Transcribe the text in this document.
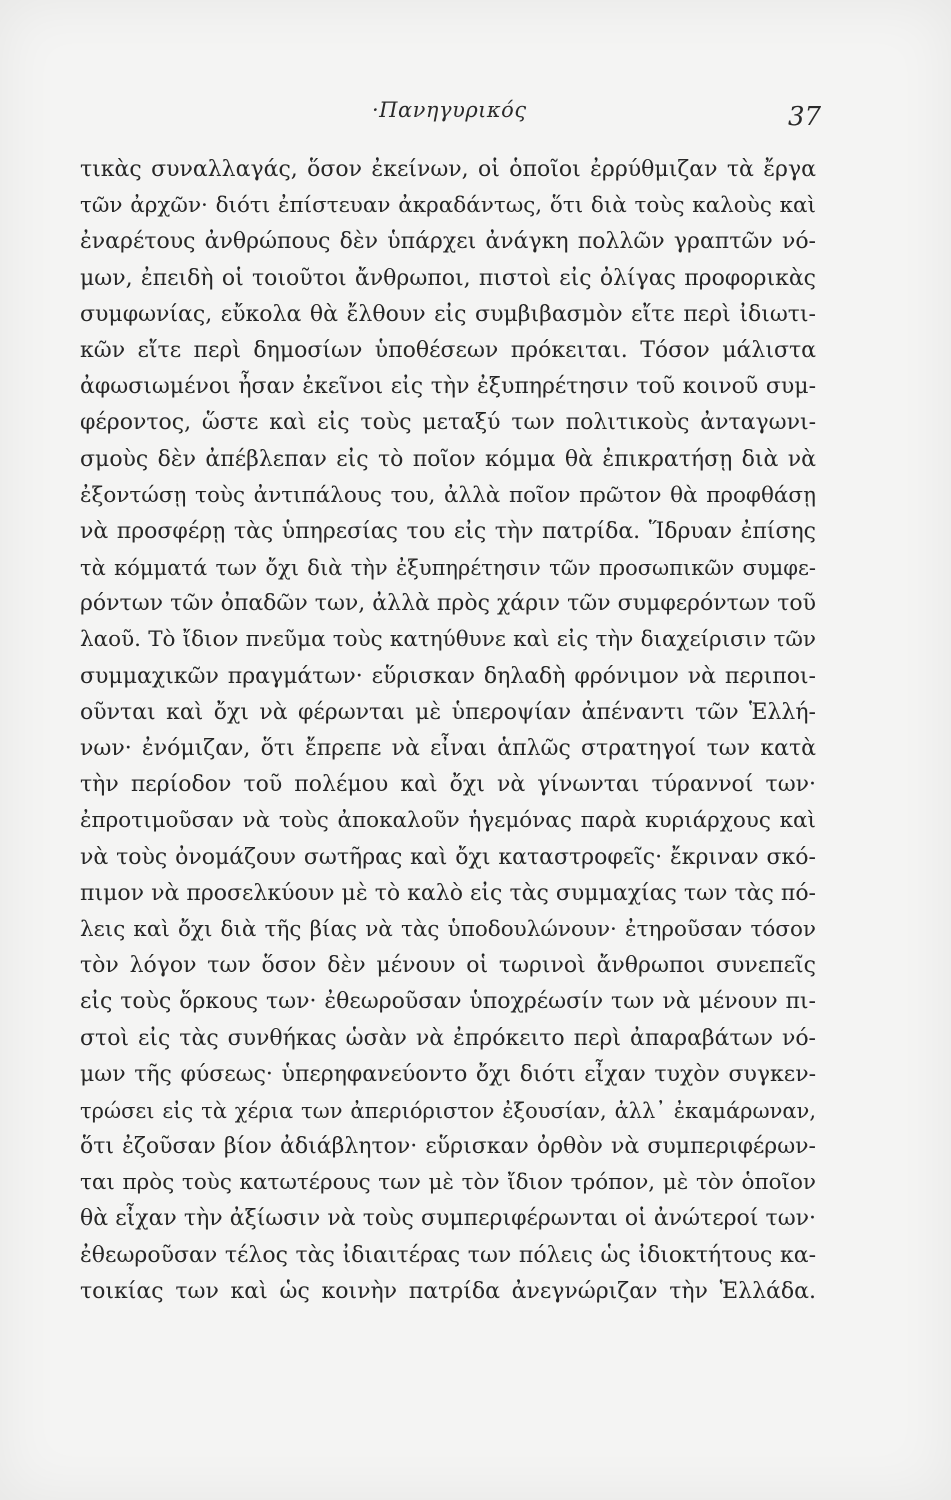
·Πανηγυρικός	37
τικὰς συναλλαγάς, ὅσον ἐκείνων, οἱ ὁποῖοι ἐρρύθμιζαν τὰ ἔργα
τῶν ἀρχῶν· διότι ἐπίστευαν ἀκραδάντως, ὅτι διὰ τοὺς καλοὺς καὶ
ἐναρέτους ἀνθρώπους δὲν ὑπάρχει ἀνάγκη πολλῶν γραπτῶν νό-
μων, ἐπειδὴ οἱ τοιοῦτοι ἄνθρωποι, πιστοὶ εἰς ὀλίγας προφορικὰς
συμφωνίας, εὔκολα θὰ ἔλθουν εἰς συμβιβασμὸν εἴτε περὶ ἰδιωτι-
κῶν εἴτε περὶ δημοσίων ὑποθέσεων πρόκειται. Τόσον μάλιστα
ἀφωσιωμένοι ἦσαν ἐκεῖνοι εἰς τὴν ἐξυπηρέτησιν τοῦ κοινοῦ συμ-
φέροντος, ὥστε καὶ εἰς τοὺς μεταξύ των πολιτικοὺς ἀνταγωνι-
σμοὺς δὲν ἀπέβλεπαν εἰς τὸ ποῖον κόμμα θὰ ἐπικρατήσῃ διὰ νὰ
ἐξοντώσῃ τοὺς ἀντιπάλους του, ἀλλὰ ποῖον πρῶτον θὰ προφθάσῃ
νὰ προσφέρῃ τὰς ὑπηρεσίας του εἰς τὴν πατρίδα. Ἵδρυαν ἐπίσης
τὰ κόμματά των ὄχι διὰ τὴν ἐξυπηρέτησιν τῶν προσωπικῶν συμφε-
ρόντων τῶν ὀπαδῶν των, ἀλλὰ πρὸς χάριν τῶν συμφερόντων τοῦ
λαοῦ. Τὸ ἴδιον πνεῦμα τοὺς κατηύθυνε καὶ εἰς τὴν διαχείρισιν τῶν
συμμαχικῶν πραγμάτων· εὕρισκαν δηλαδὴ φρόνιμον νὰ περιποι-
οῦνται καὶ ὄχι νὰ φέρωνται μὲ ὑπεροψίαν ἀπέναντι τῶν Ἑλλή-
νων· ἐνόμιζαν, ὅτι ἔπρεπε νὰ εἶναι ἁπλῶς στρατηγοί των κατὰ
τὴν περίοδον τοῦ πολέμου καὶ ὄχι νὰ γίνωνται τύραννοί των·
ἐπροτιμοῦσαν νὰ τοὺς ἀποκαλοῦν ἡγεμόνας παρὰ κυριάρχους καὶ
νὰ τοὺς ὀνομάζουν σωτῆρας καὶ ὄχι καταστροφεῖς· ἔκριναν σκό-
πιμον νὰ προσελκύουν μὲ τὸ καλὸ εἰς τὰς συμμαχίας των τὰς πό-
λεις καὶ ὄχι διὰ τῆς βίας νὰ τὰς ὑποδουλώνουν· ἐτηροῦσαν τόσον
τὸν λόγον των ὅσον δὲν μένουν οἱ τωρινοὶ ἄνθρωποι συνεπεῖς
εἰς τοὺς ὅρκους των· ἐθεωροῦσαν ὑποχρέωσίν των νὰ μένουν πι-
στοὶ εἰς τὰς συνθήκας ὡσὰν νὰ ἐπρόκειτο περὶ ἀπαραβάτων νό-
μων τῆς φύσεως· ὑπερηφανεύοντο ὄχι διότι εἶχαν τυχὸν συγκεν-
τρώσει εἰς τὰ χέρια των ἀπεριόριστον ἐξουσίαν, ἀλλ᾿ ἐκαμάρωναν,
ὅτι ἐζοῦσαν βίον ἀδιάβλητον· εὕρισκαν ὀρθὸν νὰ συμπεριφέρων-
ται πρὸς τοὺς κατωτέρους των μὲ τὸν ἴδιον τρόπον, μὲ τὸν ὁποῖον
θὰ εἶχαν τὴν ἀξίωσιν νὰ τοὺς συμπεριφέρωνται οἱ ἀνώτεροί των·
ἐθεωροῦσαν τέλος τὰς ἰδιαιτέρας των πόλεις ὡς ἰδιοκτήτους κα-
τοικίας των καὶ ὡς κοινὴν πατρίδα ἀνεγνώριζαν τὴν Ἑλλάδα.
